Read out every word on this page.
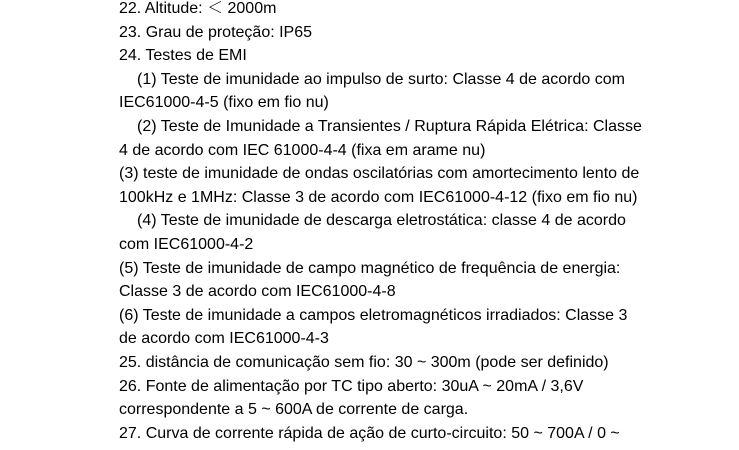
22. Altitude: ＜ 2000m
23. Grau de proteção: IP65
24. Testes de EMI
(1) Teste de imunidade ao impulso de surto: Classe 4 de acordo com
IEC61000-4-5 (fixo em fio nu)
(2) Teste de Imunidade a Transientes / Ruptura Rápida Elétrica: Classe
4 de acordo com IEC 61000-4-4 (fixa em arame nu)
(3) teste de imunidade de ondas oscilatórias com amortecimento lento de
100kHz e 1MHz: Classe 3 de acordo com IEC61000-4-12 (fixo em fio nu)
(4) Teste de imunidade de descarga eletrostática: classe 4 de acordo
com IEC61000-4-2
(5) Teste de imunidade de campo magnético de frequência de energia:
Classe 3 de acordo com IEC61000-4-8
(6) Teste de imunidade a campos eletromagnéticos irradiados: Classe 3
de acordo com IEC61000-4-3
25. distância de comunicação sem fio: 30 ~ 300m (pode ser definido)
26. Fonte de alimentação por TC tipo aberto: 30uA ~ 20mA / 3,6V
correspondente a 5 ~ 600A de corrente de carga.
27. Curva de corrente rápida de ação de curto-circuito: 50 ~ 700A / 0 ~
